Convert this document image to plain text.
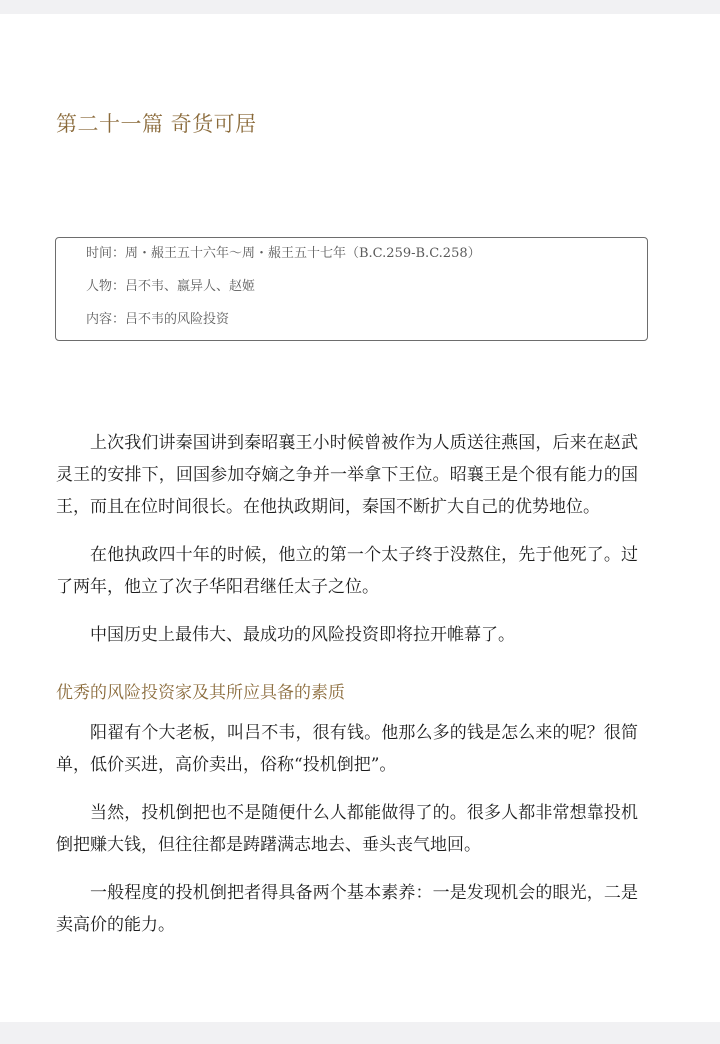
第二十一篇 奇货可居
时间：周・赧王五十六年～周・赧王五十七年（B.C.259-B.C.258）
人物：吕不韦、嬴异人、赵姬
内容：吕不韦的风险投资

上次我们讲秦国讲到秦昭襄王小时候曾被作为人质送往燕国，后来在赵武灵王的安排下，回国参加夺嫡之争并一举拿下王位。昭襄王是个很有能力的国王，而且在位时间很长。在他执政期间，秦国不断扩大自己的优势地位。

在他执政四十年的时候，他立的第一个太子终于没熬住，先于他死了。过了两年，他立了次子华阳君继任太子之位。

中国历史上最伟大、最成功的风险投资即将拉开帷幕了。

优秀的风险投资家及其所应具备的素质

阳翟有个大老板，叫吕不韦，很有钱。他那么多的钱是怎么来的呢？很简单，低价买进，高价卖出，俗称“投机倒把”。

当然，投机倒把也不是随便什么人都能做得了的。很多人都非常想靠投机倒把赚大钱，但往往都是踌躇满志地去、垂头丧气地回。

一般程度的投机倒把者得具备两个基本素养：一是发现机会的眼光，二是卖高价的能力。
